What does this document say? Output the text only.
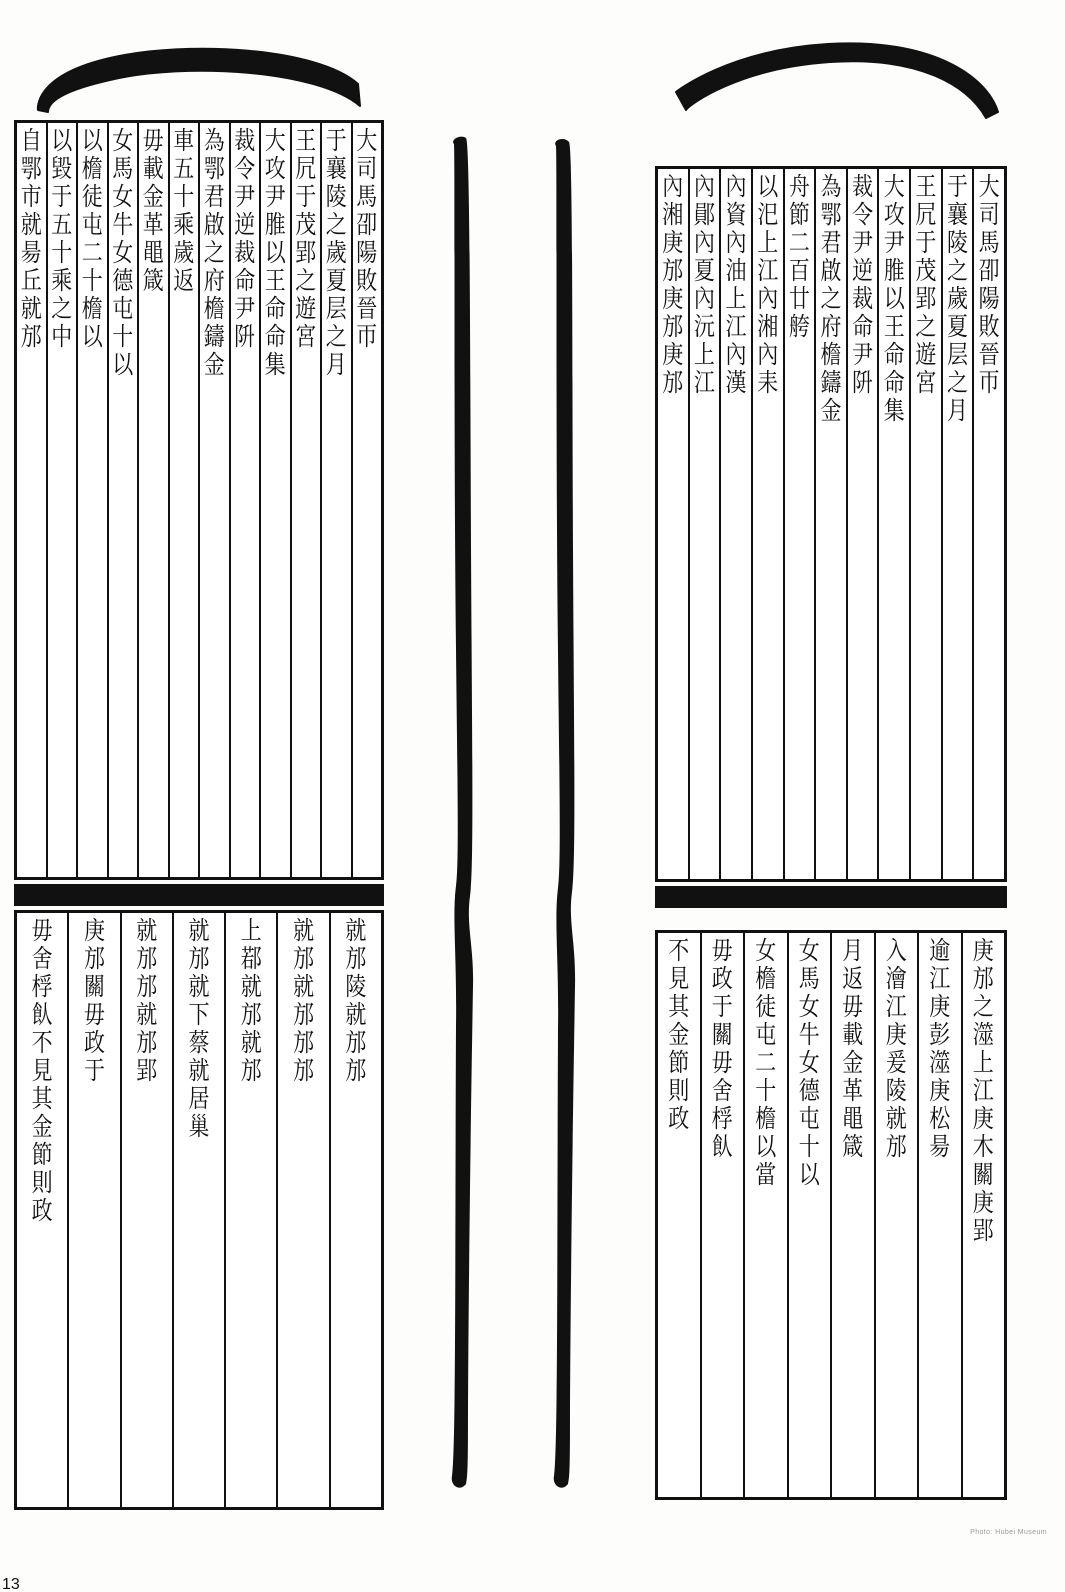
大
司
馬
卲
陽
敗
晉
帀
于
襄
陵
之
歲
夏
层
之
月
王
凥
于
茂
郢
之
遊
宮
大
攻
尹
脽
以
王
命
命
集
裁
令
尹
逆
裁
命
尹
阩
為
鄂
君
啟
之
府
檐
鑄
金
車
五
十
乘
歲
返
毋
載
金
革
黽
箴
女
馬
女
牛
女
德
屯
十
以
以
檐
徒
屯
二
十
檐
以
以
毀
于
五
十
乘
之
中
自
鄂
市
就
昜
丘
就
邡
就
邡
陵
就
邡
邡
就
邡
就
邡
邡
邡
上
鄀
就
邡
就
邡
就
邡
就
下
蔡
就
居
巢
就
邡
邡
就
邡
郢
庚
邡
關
毋
政
于
毋
舍
桴
飤
不
見
其
金
節
則
政
大
司
馬
卲
陽
敗
晉
帀
于
襄
陵
之
歲
夏
层
之
月
王
凥
于
茂
郢
之
遊
宮
大
攻
尹
脽
以
王
命
命
集
裁
令
尹
逆
裁
命
尹
阩
為
鄂
君
啟
之
府
檐
鑄
金
舟
節
二
百
廿
舿
以
汜
上
江
內
湘
內
耒
內
資
內
油
上
江
內
漢
內
鄖
內
夏
內
沅
上
江
內
湘
庚
邡
庚
邡
庚
邡
庚
邡
之
澨
上
江
庚
木
關
庚
郢
逾
江
庚
彭
澨
庚
松
昜
入
澮
江
庚
爰
陵
就
邡
月
返
毋
載
金
革
黽
箴
女
馬
女
牛
女
德
屯
十
以
女
檐
徒
屯
二
十
檐
以
當
毋
政
于
關
毋
舍
桴
飤
不
見
其
金
節
則
政
Photo: Hubei Museum
13
